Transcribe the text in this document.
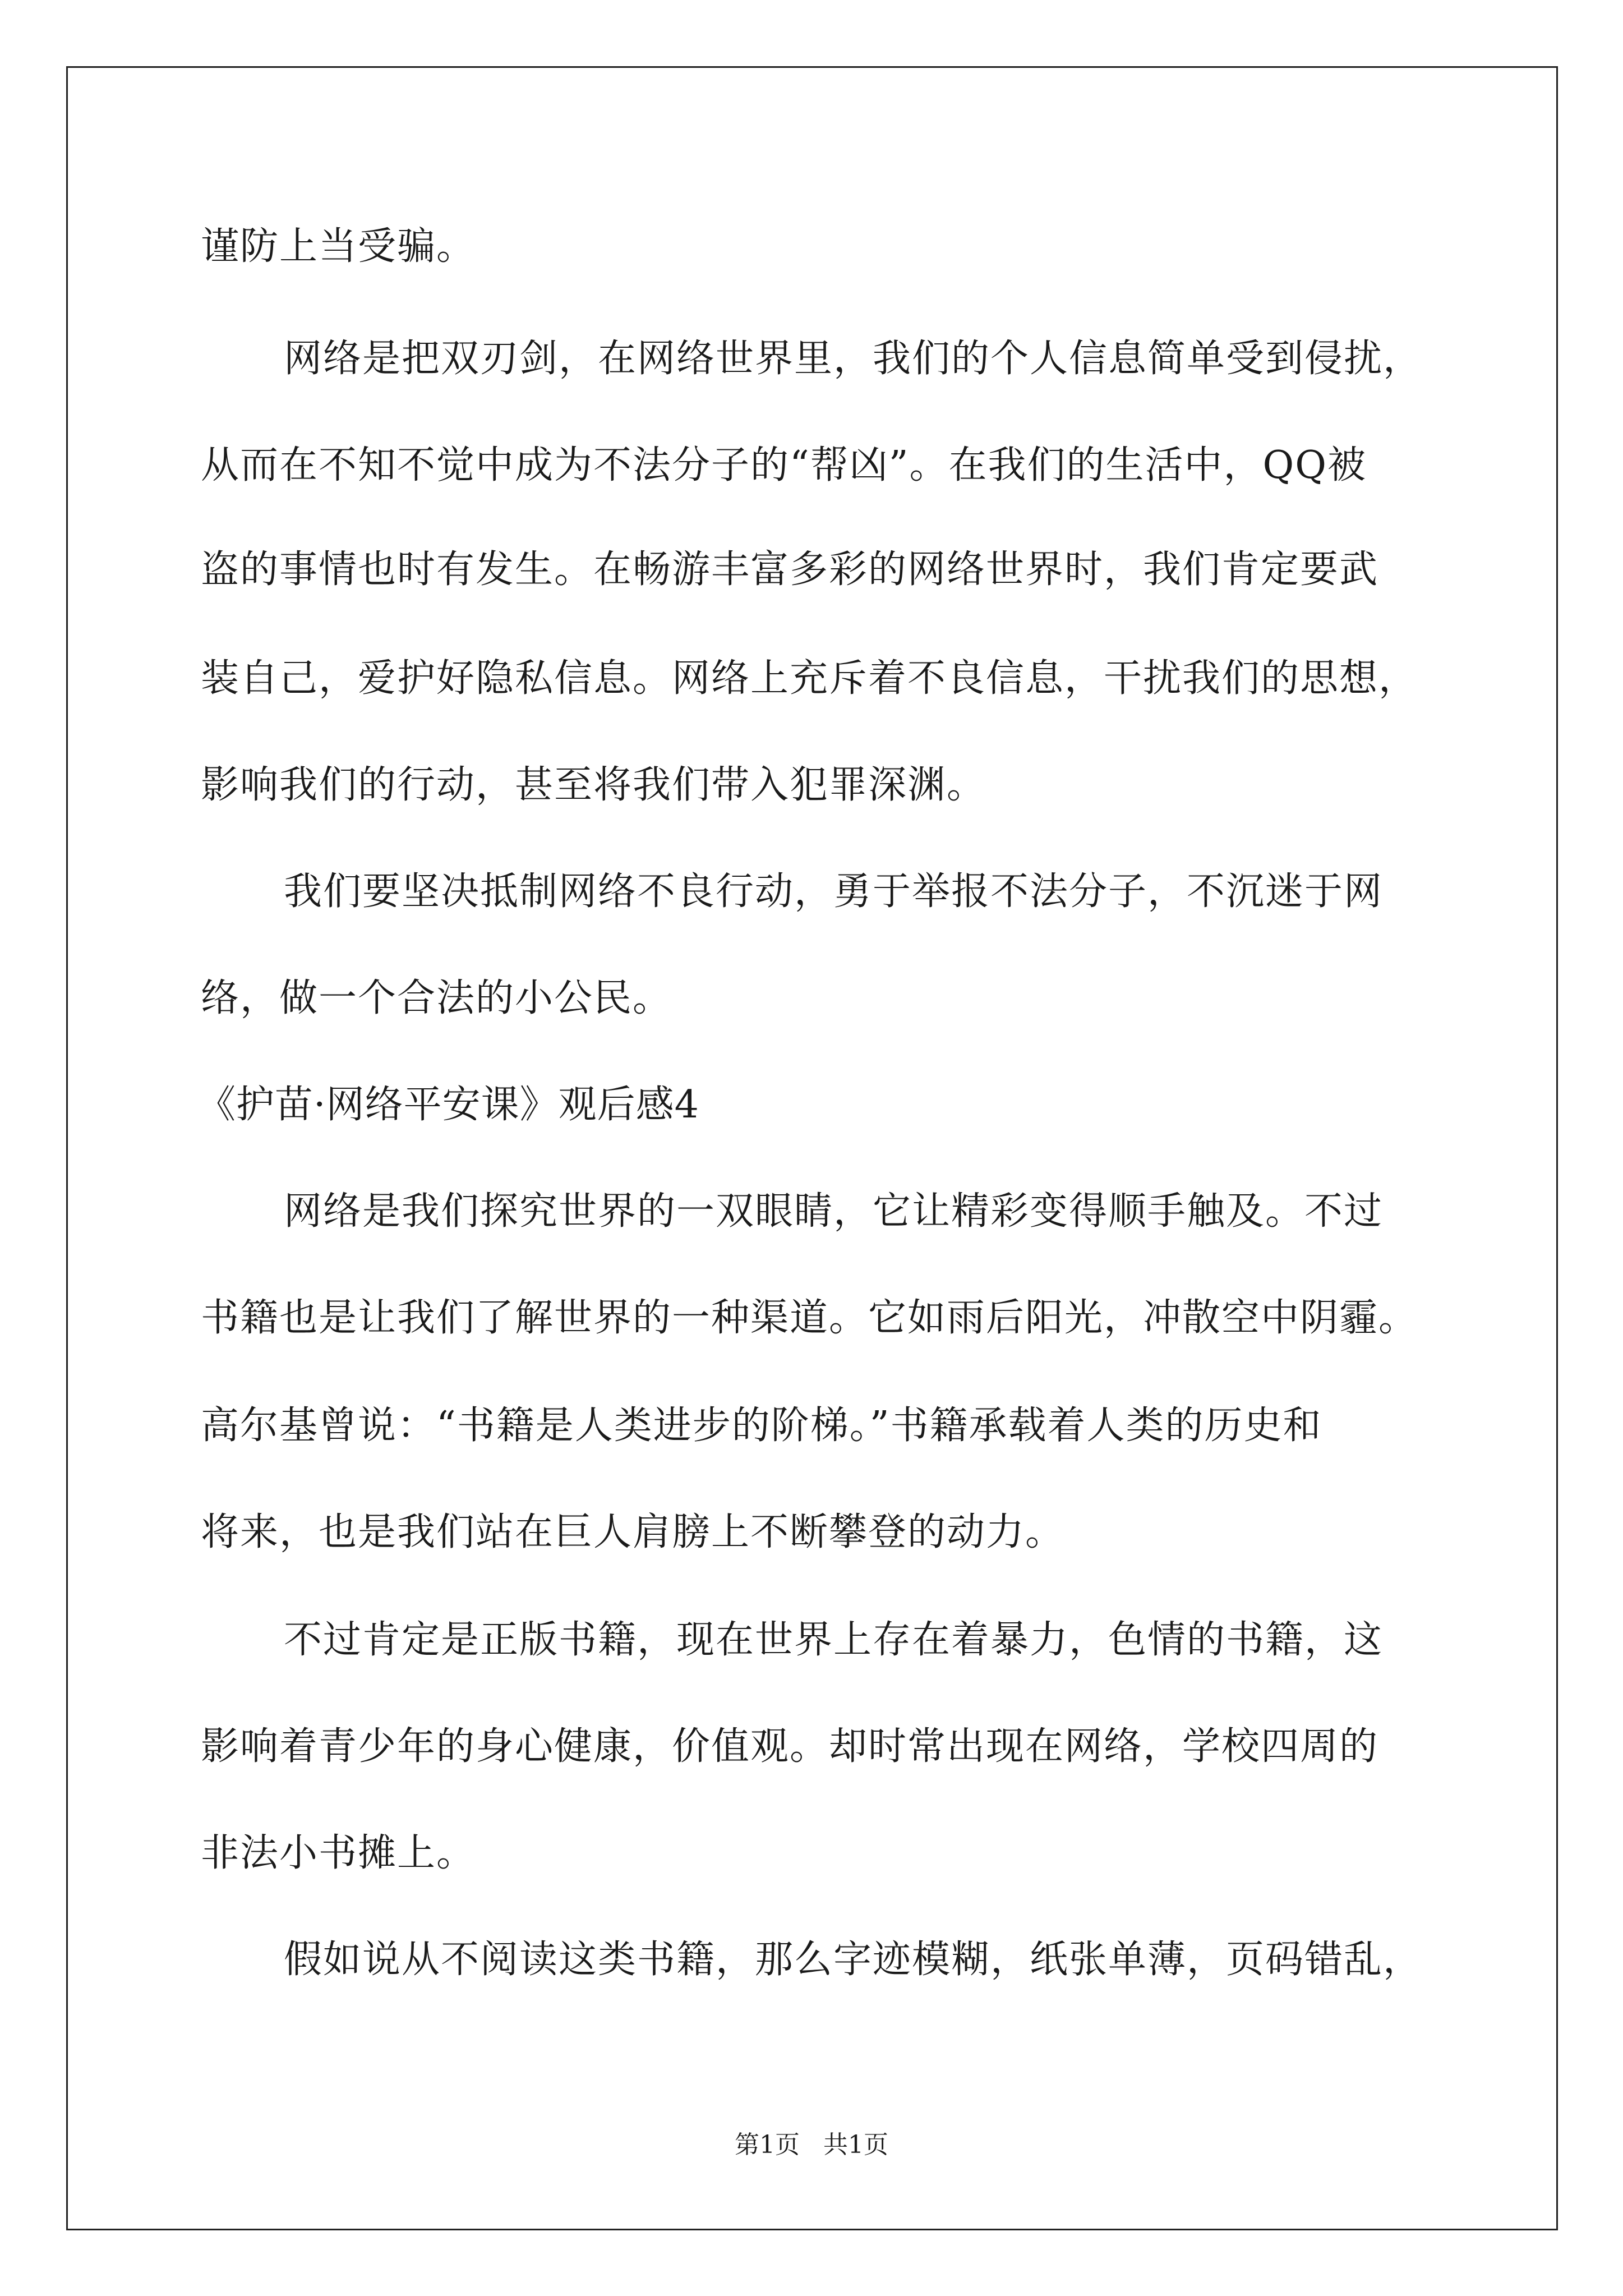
谨防上当受骗。
网络是把双刃剑，在网络世界里，我们的个人信息简单受到侵扰，
从而在不知不觉中成为不法分子的“帮凶”。在我们的生活中，QQ被
盗的事情也时有发生。在畅游丰富多彩的网络世界时，我们肯定要武
装自己，爱护好隐私信息。网络上充斥着不良信息，干扰我们的思想，
影响我们的行动，甚至将我们带入犯罪深渊。
我们要坚决抵制网络不良行动，勇于举报不法分子，不沉迷于网
络，做一个合法的小公民。
《护苗·网络平安课》观后感4
网络是我们探究世界的一双眼睛，它让精彩变得顺手触及。不过
书籍也是让我们了解世界的一种渠道。它如雨后阳光，冲散空中阴霾。
高尔基曾说：“书籍是人类进步的阶梯。”书籍承载着人类的历史和
将来，也是我们站在巨人肩膀上不断攀登的动力。
不过肯定是正版书籍，现在世界上存在着暴力，色情的书籍，这
影响着青少年的身心健康，价值观。却时常出现在网络，学校四周的
非法小书摊上。
假如说从不阅读这类书籍，那么字迹模糊，纸张单薄，页码错乱，
第1页   共1页
